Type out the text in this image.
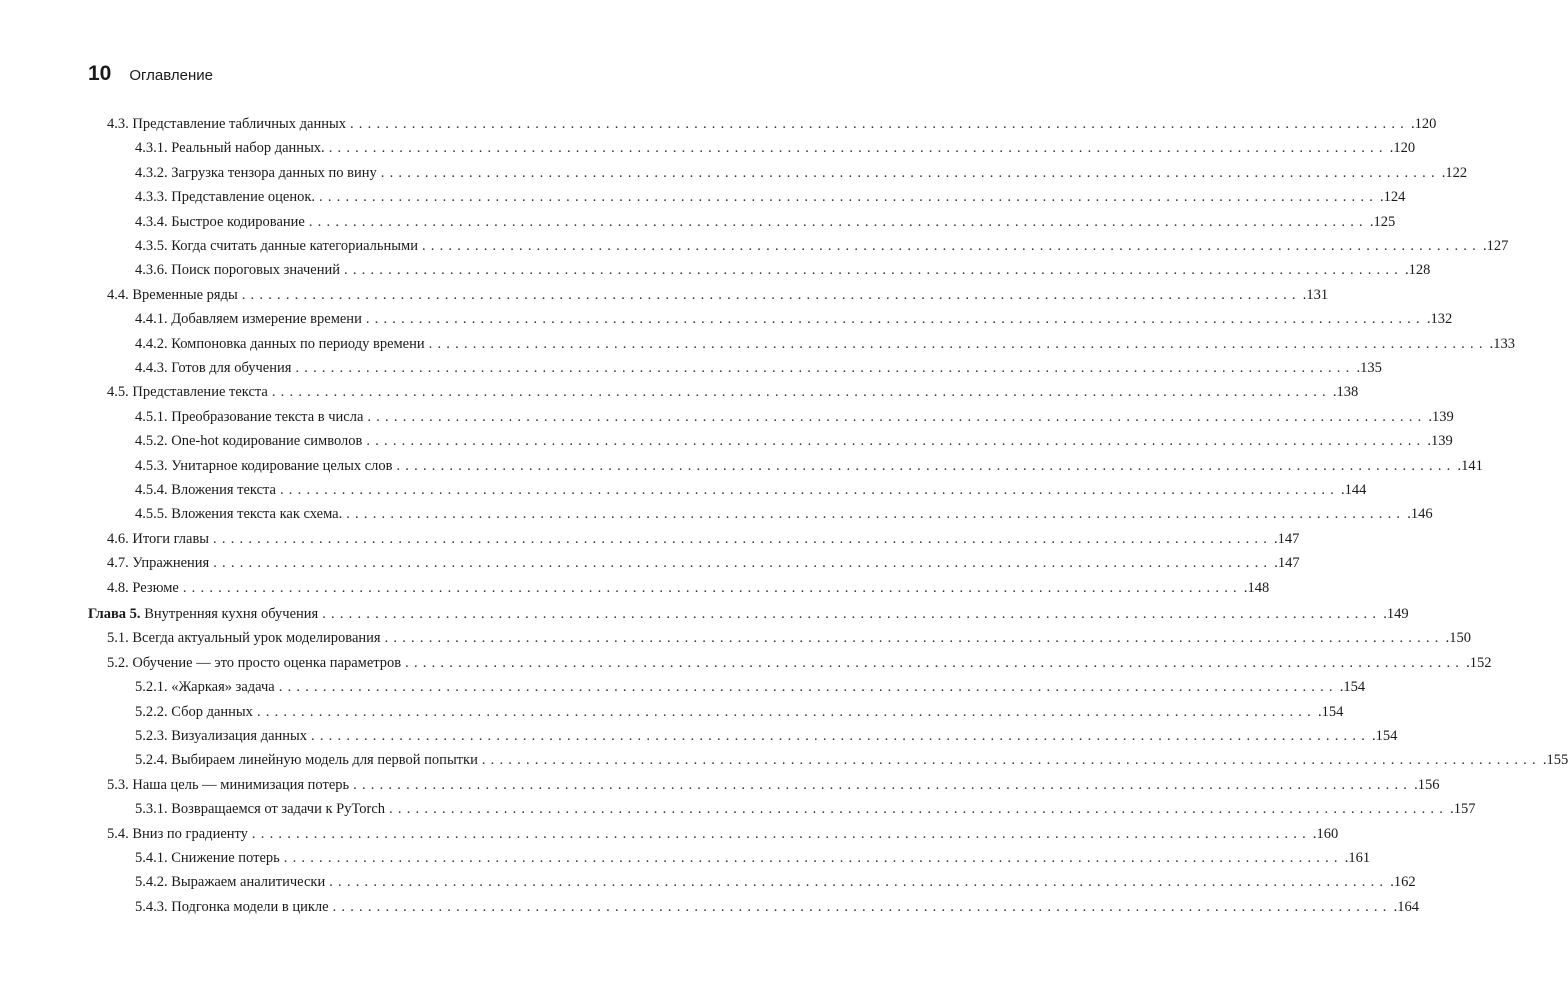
10 Оглавление
4.3. Представление табличных данных ........................................................................................................................ .120
4.3.1. Реальный набор данных. ........................................................................................................................ .120
4.3.2. Загрузка тензора данных по вину ........................................................................................................................ .122
4.3.3. Представление оценок. ........................................................................................................................ .124
4.3.4. Быстрое кодирование ........................................................................................................................ .125
4.3.5. Когда считать данные категориальными ........................................................................................................................ .127
4.3.6. Поиск пороговых значений ........................................................................................................................ .128
4.4. Временные ряды ........................................................................................................................ .131
4.4.1. Добавляем измерение времени ........................................................................................................................ .132
4.4.2. Компоновка данных по периоду времени ........................................................................................................................ .133
4.4.3. Готов для обучения ........................................................................................................................ .135
4.5. Представление текста ........................................................................................................................ .138
4.5.1. Преобразование текста в числа ........................................................................................................................ .139
4.5.2. One-hot кодирование символов ........................................................................................................................ .139
4.5.3. Унитарное кодирование целых слов ........................................................................................................................ .141
4.5.4. Вложения текста ........................................................................................................................ .144
4.5.5. Вложения текста как схема. ........................................................................................................................ .146
4.6. Итоги главы ........................................................................................................................ .147
4.7. Упражнения ........................................................................................................................ .147
4.8. Резюме ........................................................................................................................ .148
Глава 5. Внутренняя кухня обучения ........................................................................................................................ .149
5.1. Всегда актуальный урок моделирования ........................................................................................................................ .150
5.2. Обучение — это просто оценка параметров ........................................................................................................................ .152
5.2.1. «Жаркая» задача ........................................................................................................................ .154
5.2.2. Сбор данных ........................................................................................................................ .154
5.2.3. Визуализация данных ........................................................................................................................ .154
5.2.4. Выбираем линейную модель для первой попытки ........................................................................................................................ .155
5.3. Наша цель — минимизация потерь ........................................................................................................................ .156
5.3.1. Возвращаемся от задачи к PyTorch ........................................................................................................................ .157
5.4. Вниз по градиенту ........................................................................................................................ .160
5.4.1. Снижение потерь ........................................................................................................................ .161
5.4.2. Выражаем аналитически ........................................................................................................................ .162
5.4.3. Подгонка модели в цикле ........................................................................................................................ .164
